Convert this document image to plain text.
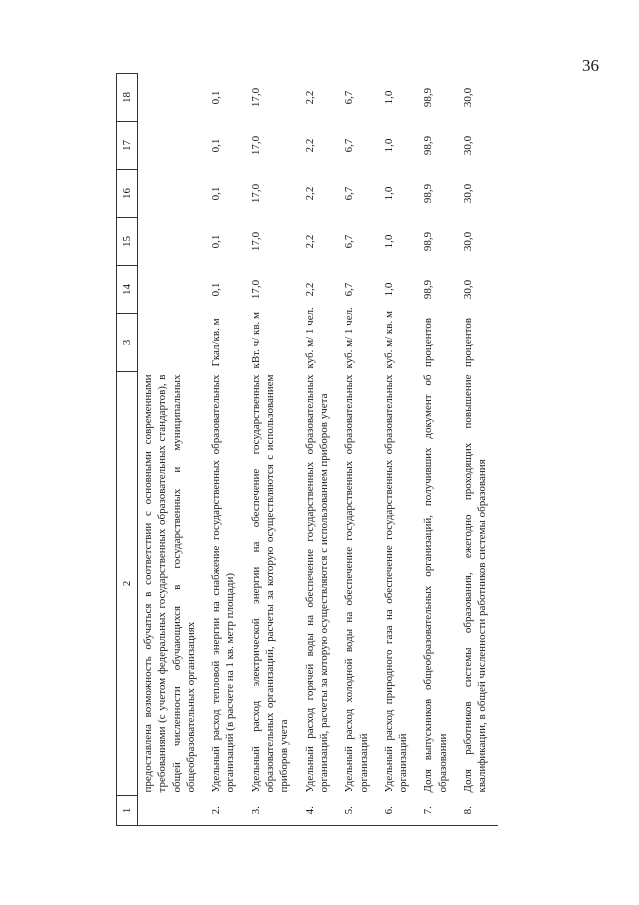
36
1	2	3	14	15	16	17	18
	предоставлена возможность обучаться в соответствии с основными современными требованиями (с учетом федеральных государственных образовательных стандартов), в общей численности обучающихся в государственных и муниципальных общеобразовательных организациях						
2.	Удельный расход тепловой энергии на снабжение государственных образовательных организаций (в расчете на 1 кв. метр площади)	Гкал/кв. м	0,1	0,1	0,1	0,1	0,1
3.	Удельный расход электрической энергии на обеспечение государственных образовательных организаций, расчеты за которую осуществляются с использованием приборов учета	кВт. ч/ кв. м	17,0	17,0	17,0	17,0	17,0
4.	Удельный расход горячей воды на обеспечение государственных образовательных организаций, расчеты за которую осуществляются с использованием приборов учета	куб. м/ 1 чел.	2,2	2,2	2,2	2,2	2,2
5.	Удельный расход холодной воды на обеспечение государственных образовательных организаций	куб. м/ 1 чел.	6,7	6,7	6,7	6,7	6,7
6.	Удельный расход природного газа на обеспечение государственных образовательных организаций	куб. м/ кв. м	1,0	1,0	1,0	1,0	1,0
7.	Доля выпускников общеобразовательных организаций, получивших документ об образовании	процентов	98,9	98,9	98,9	98,9	98,9
8.	Доля работников системы образования, ежегодно проходящих повышение квалификации, в общей численности работников системы образования	процентов	30,0	30,0	30,0	30,0	30,0
